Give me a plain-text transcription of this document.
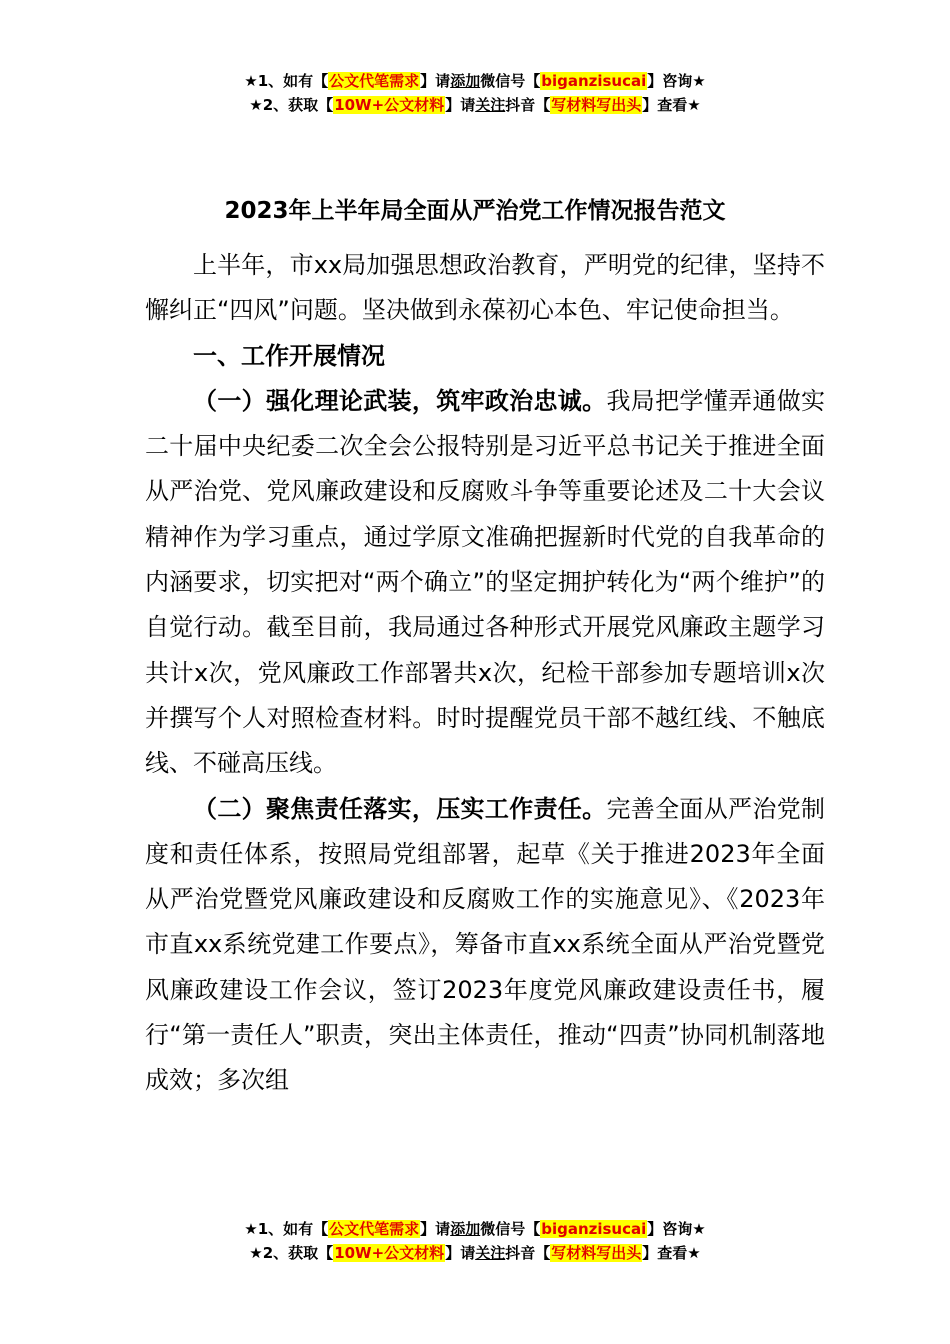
★1、如有【公文代笔需求】请添加微信号【biganzisucai】咨询★
★2、获取【10W+公文材料】请关注抖音【写材料写出头】查看★
2023年上半年局全面从严治党工作情况报告范文

上半年，市xx局加强思想政治教育，严明党的纪律，坚持不懈纠正“四风”问题。坚决做到永葆初心本色、牢记使命担当。

一、工作开展情况

（一）强化理论武装，筑牢政治忠诚。我局把学懂弄通做实二十届中央纪委二次全会公报特别是习近平总书记关于推进全面从严治党、党风廉政建设和反腐败斗争等重要论述及二十大会议精神作为学习重点，通过学原文准确把握新时代党的自我革命的内涵要求，切实把对“两个确立”的坚定拥护转化为“两个维护”的自觉行动。截至目前，我局通过各种形式开展党风廉政主题学习共计x次，党风廉政工作部署共x次，纪检干部参加专题培训x次并撰写个人对照检查材料。时时提醒党员干部不越红线、不触底线、不碰高压线。

（二）聚焦责任落实，压实工作责任。完善全面从严治党制度和责任体系，按照局党组部署，起草《关于推进2023年全面从严治党暨党风廉政建设和反腐败工作的实施意见》、《2023年市直xx系统党建工作要点》，筹备市直xx系统全面从严治党暨党风廉政建设工作会议，签订2023年度党风廉政建设责任书，履行“第一责任人”职责，突出主体责任，推动“四责”协同机制落地成效；多次组

★1、如有【公文代笔需求】请添加微信号【biganzisucai】咨询★
★2、获取【10W+公文材料】请关注抖音【写材料写出头】查看★
